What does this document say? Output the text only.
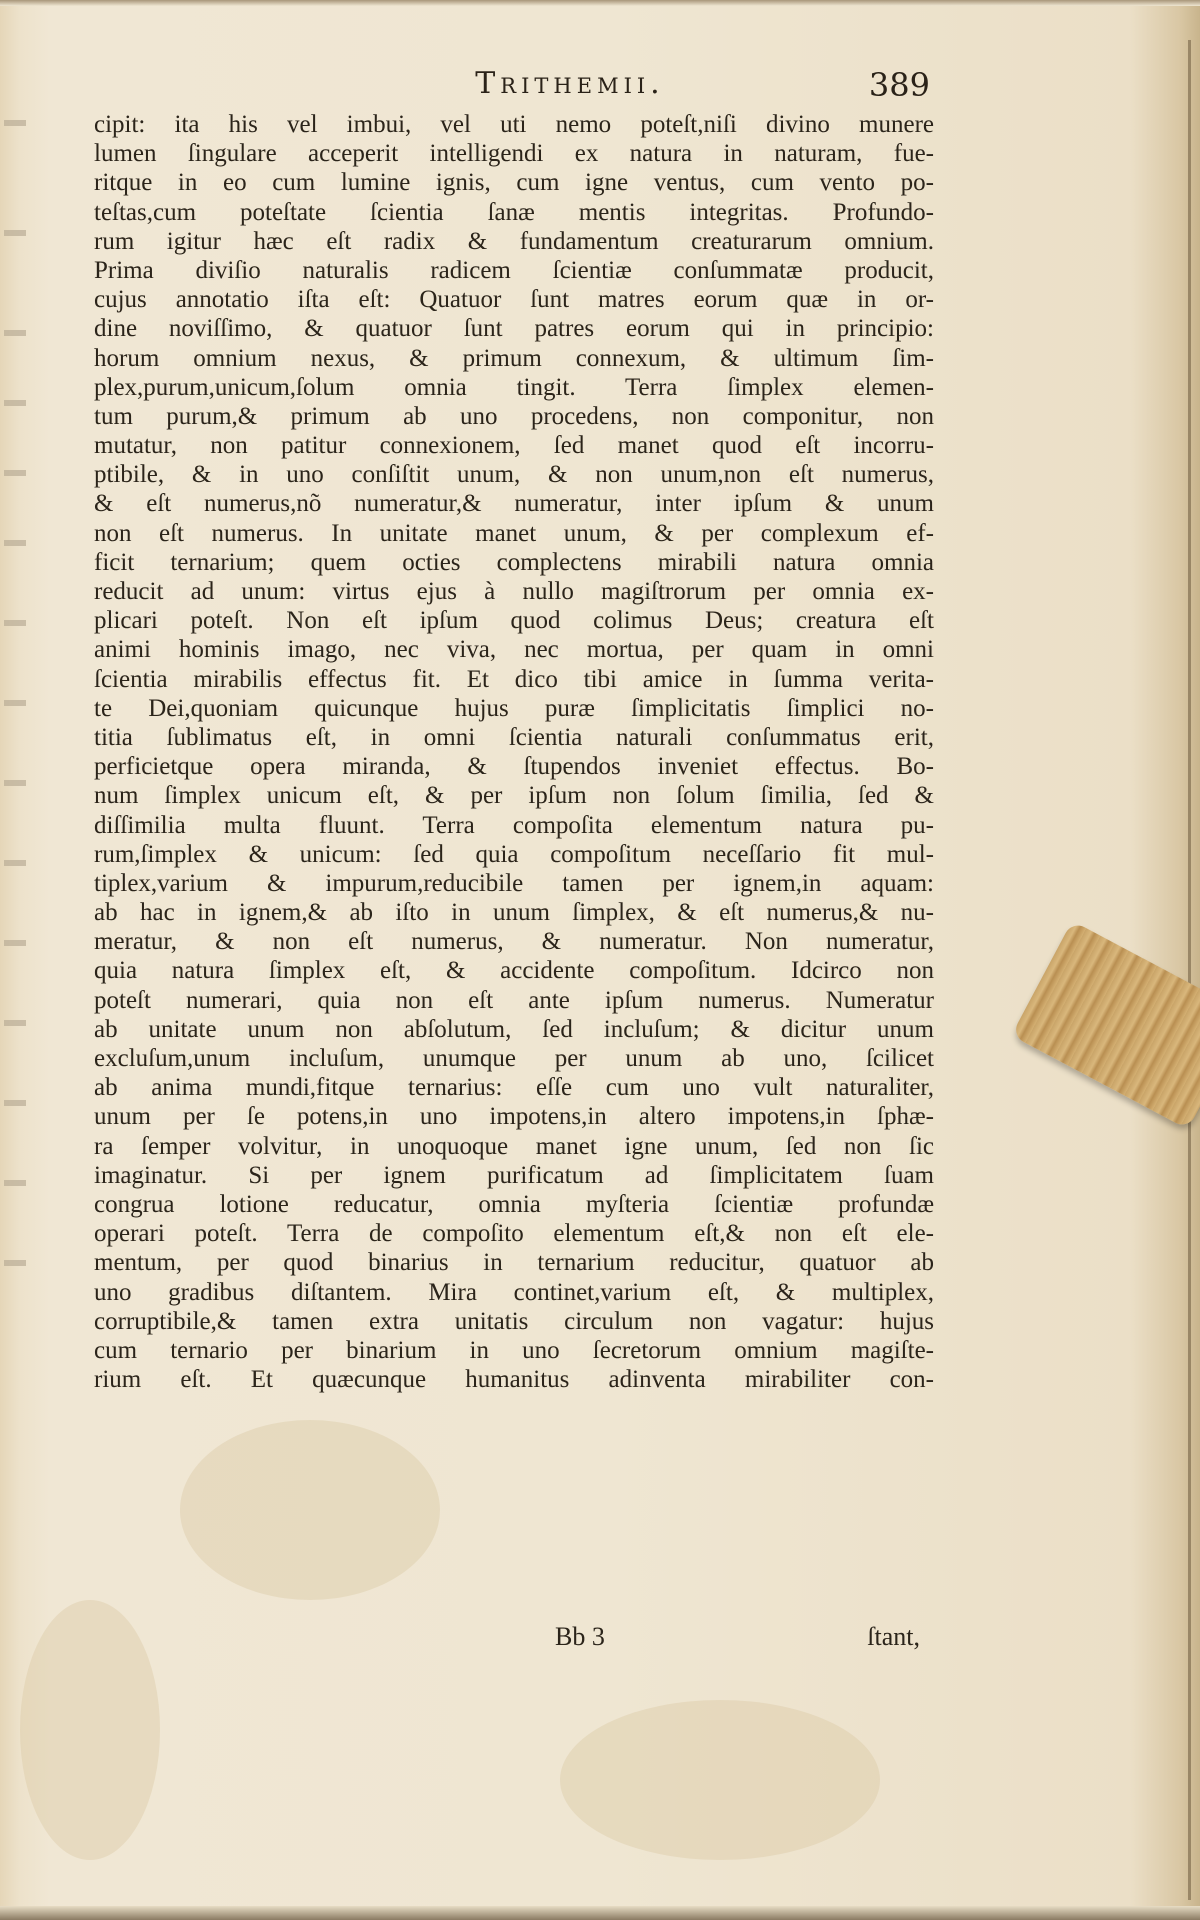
Trithemii.	389
cipit: ita his vel imbui, vel uti nemo poteſt,niſi divino munere
lumen ſingulare acceperit intelligendi ex natura in naturam, fue-
ritque in eo cum lumine ignis, cum igne ventus, cum vento po-
teſtas,cum poteſtate ſcientia ſanæ mentis integritas. Profundo-
rum igitur hæc eſt radix & fundamentum creaturarum omnium.
Prima diviſio naturalis radicem ſcientiæ conſummatæ producit,
cujus annotatio iſta eſt: Quatuor ſunt matres eorum quæ in or-
dine noviſſimo, & quatuor ſunt patres eorum qui in principio:
horum omnium nexus, & primum connexum, & ultimum ſim-
plex,purum,unicum,ſolum omnia tingit. Terra ſimplex elemen-
tum purum,& primum ab uno procedens, non componitur, non
mutatur, non patitur connexionem, ſed manet quod eſt incorru-
ptibile, & in uno conſiſtit unum, & non unum,non eſt numerus,
& eſt numerus,nõ numeratur,& numeratur, inter ipſum & unum
non eſt numerus. In unitate manet unum, & per complexum ef-
ficit ternarium; quem octies complectens mirabili natura omnia
reducit ad unum: virtus ejus à nullo magiſtrorum per omnia ex-
plicari poteſt. Non eſt ipſum quod colimus Deus; creatura eſt
animi hominis imago, nec viva, nec mortua, per quam in omni
ſcientia mirabilis effectus fit. Et dico tibi amice in ſumma verita-
te Dei,quoniam quicunque hujus puræ ſimplicitatis ſimplici no-
titia ſublimatus eſt, in omni ſcientia naturali conſummatus erit,
perficietque opera miranda, & ſtupendos inveniet effectus. Bo-
num ſimplex unicum eſt, & per ipſum non ſolum ſimilia, ſed &
diſſimilia multa fluunt. Terra compoſita elementum natura pu-
rum,ſimplex & unicum: ſed quia compoſitum neceſſario fit mul-
tiplex,varium & impurum,reducibile tamen per ignem,in aquam:
ab hac in ignem,& ab iſto in unum ſimplex, & eſt numerus,& nu-
meratur, & non eſt numerus, & numeratur. Non numeratur,
quia natura ſimplex eſt, & accidente compoſitum. Idcirco non
poteſt numerari, quia non eſt ante ipſum numerus. Numeratur
ab unitate unum non abſolutum, ſed incluſum; & dicitur unum
excluſum,unum incluſum, unumque per unum ab uno, ſcilicet
ab anima mundi,fitque ternarius: eſſe cum uno vult naturaliter,
unum per ſe potens,in uno impotens,in altero impotens,in ſphæ-
ra ſemper volvitur, in unoquoque manet igne unum, ſed non ſic
imaginatur. Si per ignem purificatum ad ſimplicitatem ſuam
congrua lotione reducatur, omnia myſteria ſcientiæ profundæ
operari poteſt. Terra de compoſito elementum eſt,& non eſt ele-
mentum, per quod binarius in ternarium reducitur, quatuor ab
uno gradibus diſtantem. Mira continet,varium eſt, & multiplex,
corruptibile,& tamen extra unitatis circulum non vagatur: hujus
cum ternario per binarium in uno ſecretorum omnium magiſte-
rium eſt. Et quæcunque humanitus adinventa mirabiliter con-
Bb 3	ſtant,
